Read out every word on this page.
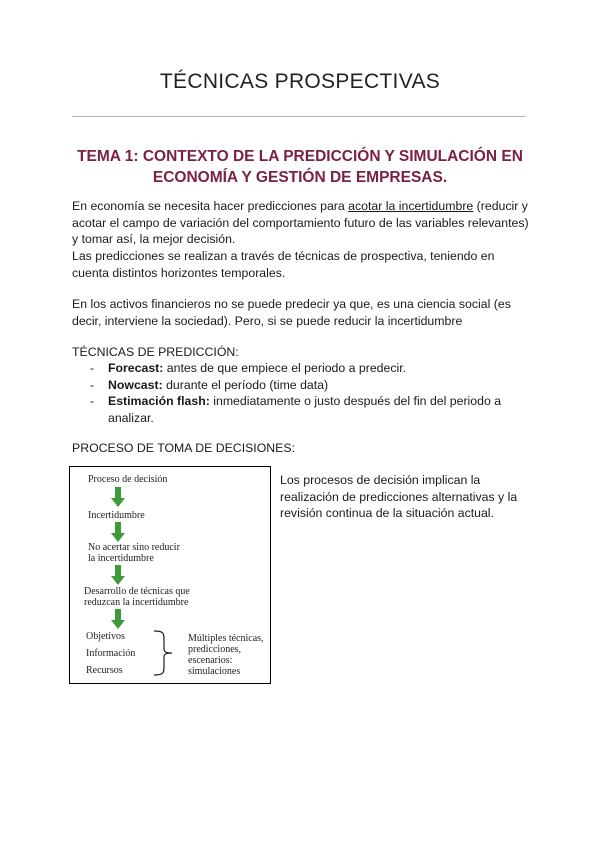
TÉCNICAS PROSPECTIVAS
TEMA 1: CONTEXTO DE LA PREDICCIÓN Y SIMULACIÓN EN
ECONOMÍA Y GESTIÓN DE EMPRESAS.
En economía se necesita hacer predicciones para acotar la incertidumbre (reducir y acotar el campo de variación del comportamiento futuro de las variables relevantes) y tomar así, la mejor decisión.
Las predicciones se realizan a través de técnicas de prospectiva, teniendo en cuenta distintos horizontes temporales.
En los activos financieros no se puede predecir ya que, es una ciencia social (es decir, interviene la sociedad). Pero, si se puede reducir la incertidumbre
TÉCNICAS DE PREDICCIÓN:
- Forecast: antes de que empiece el periodo a predecir.
- Nowcast: durante el período (time data)
- Estimación flash: inmediatamente o justo después del fin del periodo a analizar.
PROCESO DE TOMA DE DECISIONES:
Proceso de decisión
Incertidumbre
No acertar sino reducir
la incertidumbre
Desarrollo de técnicas que
reduzcan la incertidumbre
Objetivos
Información
Recursos
Múltiples técnicas,
predicciones,
escenarios:
simulaciones
Los procesos de decisión implican la realización de predicciones alternativas y la revisión continua de la situación actual.
